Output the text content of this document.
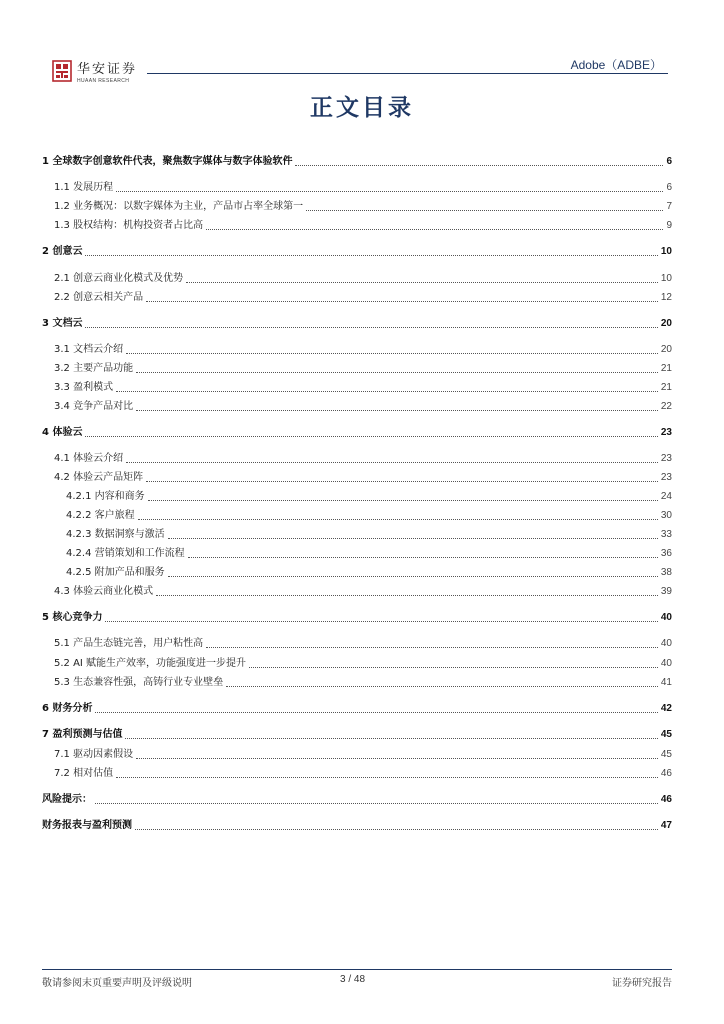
华安证券
HUAAN RESEARCH
Adobe（ADBE）
正文目录
1 全球数字创意软件代表，聚焦数字媒体与数字体验软件	6
1.1 发展历程	6
1.2 业务概况：以数字媒体为主业，产品市占率全球第一	7
1.3 股权结构：机构投资者占比高	9
2 创意云	10
2.1 创意云商业化模式及优势	10
2.2 创意云相关产品	12
3 文档云	20
3.1 文档云介绍	20
3.2 主要产品功能	21
3.3 盈利模式	21
3.4 竞争产品对比	22
4 体验云	23
4.1 体验云介绍	23
4.2 体验云产品矩阵	23
4.2.1 内容和商务	24
4.2.2 客户旅程	30
4.2.3 数据洞察与激活	33
4.2.4 营销策划和工作流程	36
4.2.5 附加产品和服务	38
4.3 体验云商业化模式	39
5 核心竞争力	40
5.1 产品生态链完善，用户粘性高	40
5.2 AI 赋能生产效率，功能强度进一步提升	40
5.3 生态兼容性强，高铸行业专业壁垒	41
6 财务分析	42
7 盈利预测与估值	45
7.1 驱动因素假设	45
7.2 相对估值	46
风险提示：	46
财务报表与盈利预测	47
敬请参阅末页重要声明及评级说明	3 / 48	证券研究报告
